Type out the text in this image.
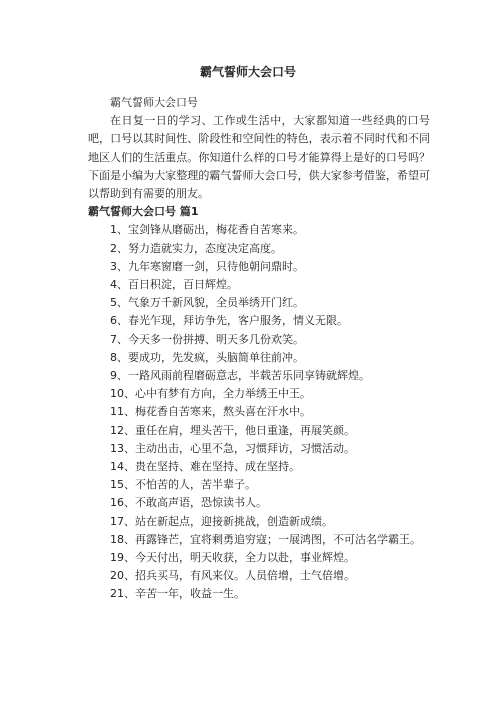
霸气誓师大会口号

霸气誓师大会口号

在日复一日的学习、工作或生活中，大家都知道一些经典的口号吧，口号以其时间性、阶段性和空间性的特色，表示着不同时代和不同地区人们的生活重点。你知道什么样的口号才能算得上是好的口号吗？下面是小编为大家整理的霸气誓师大会口号，供大家参考借鉴，希望可以帮助到有需要的朋友。

霸气誓师大会口号 篇1

1、宝剑锋从磨砺出，梅花香自苦寒来。
2、努力造就实力，态度决定高度。
3、九年寒窗磨一剑，只待他朝问鼎时。
4、百日积淀，百日辉煌。
5、气象万千新风貌，全员举绣开门红。
6、春光乍现，拜访争先，客户服务，情义无限。
7、今天多一份拼搏、明天多几份欢笑。
8、要成功，先发疯，头脑简单往前冲。
9、一路风雨前程磨砺意志，半载苦乐同享铸就辉煌。
10、心中有梦有方向，全力举绣王中王。
11、梅花香自苦寒来，熬头喜在汗水中。
12、重任在肩，埋头苦干，他日重逢，再展笑颜。
13、主动出击，心里不急，习惯拜访，习惯活动。
14、贵在坚持、难在坚持、成在坚持。
15、不怕苦的人，苦半辈子。
16、不敢高声语，恐惊读书人。
17、站在新起点，迎接新挑战，创造新成绩。
18、再露锋芒，宜将剩勇追穷寇；一展鸿图，不可沽名学霸王。
19、今天付出，明天收获，全力以赴，事业辉煌。
20、招兵买马，有风来仪。人员倍增，士气倍增。
21、辛苦一年，收益一生。
